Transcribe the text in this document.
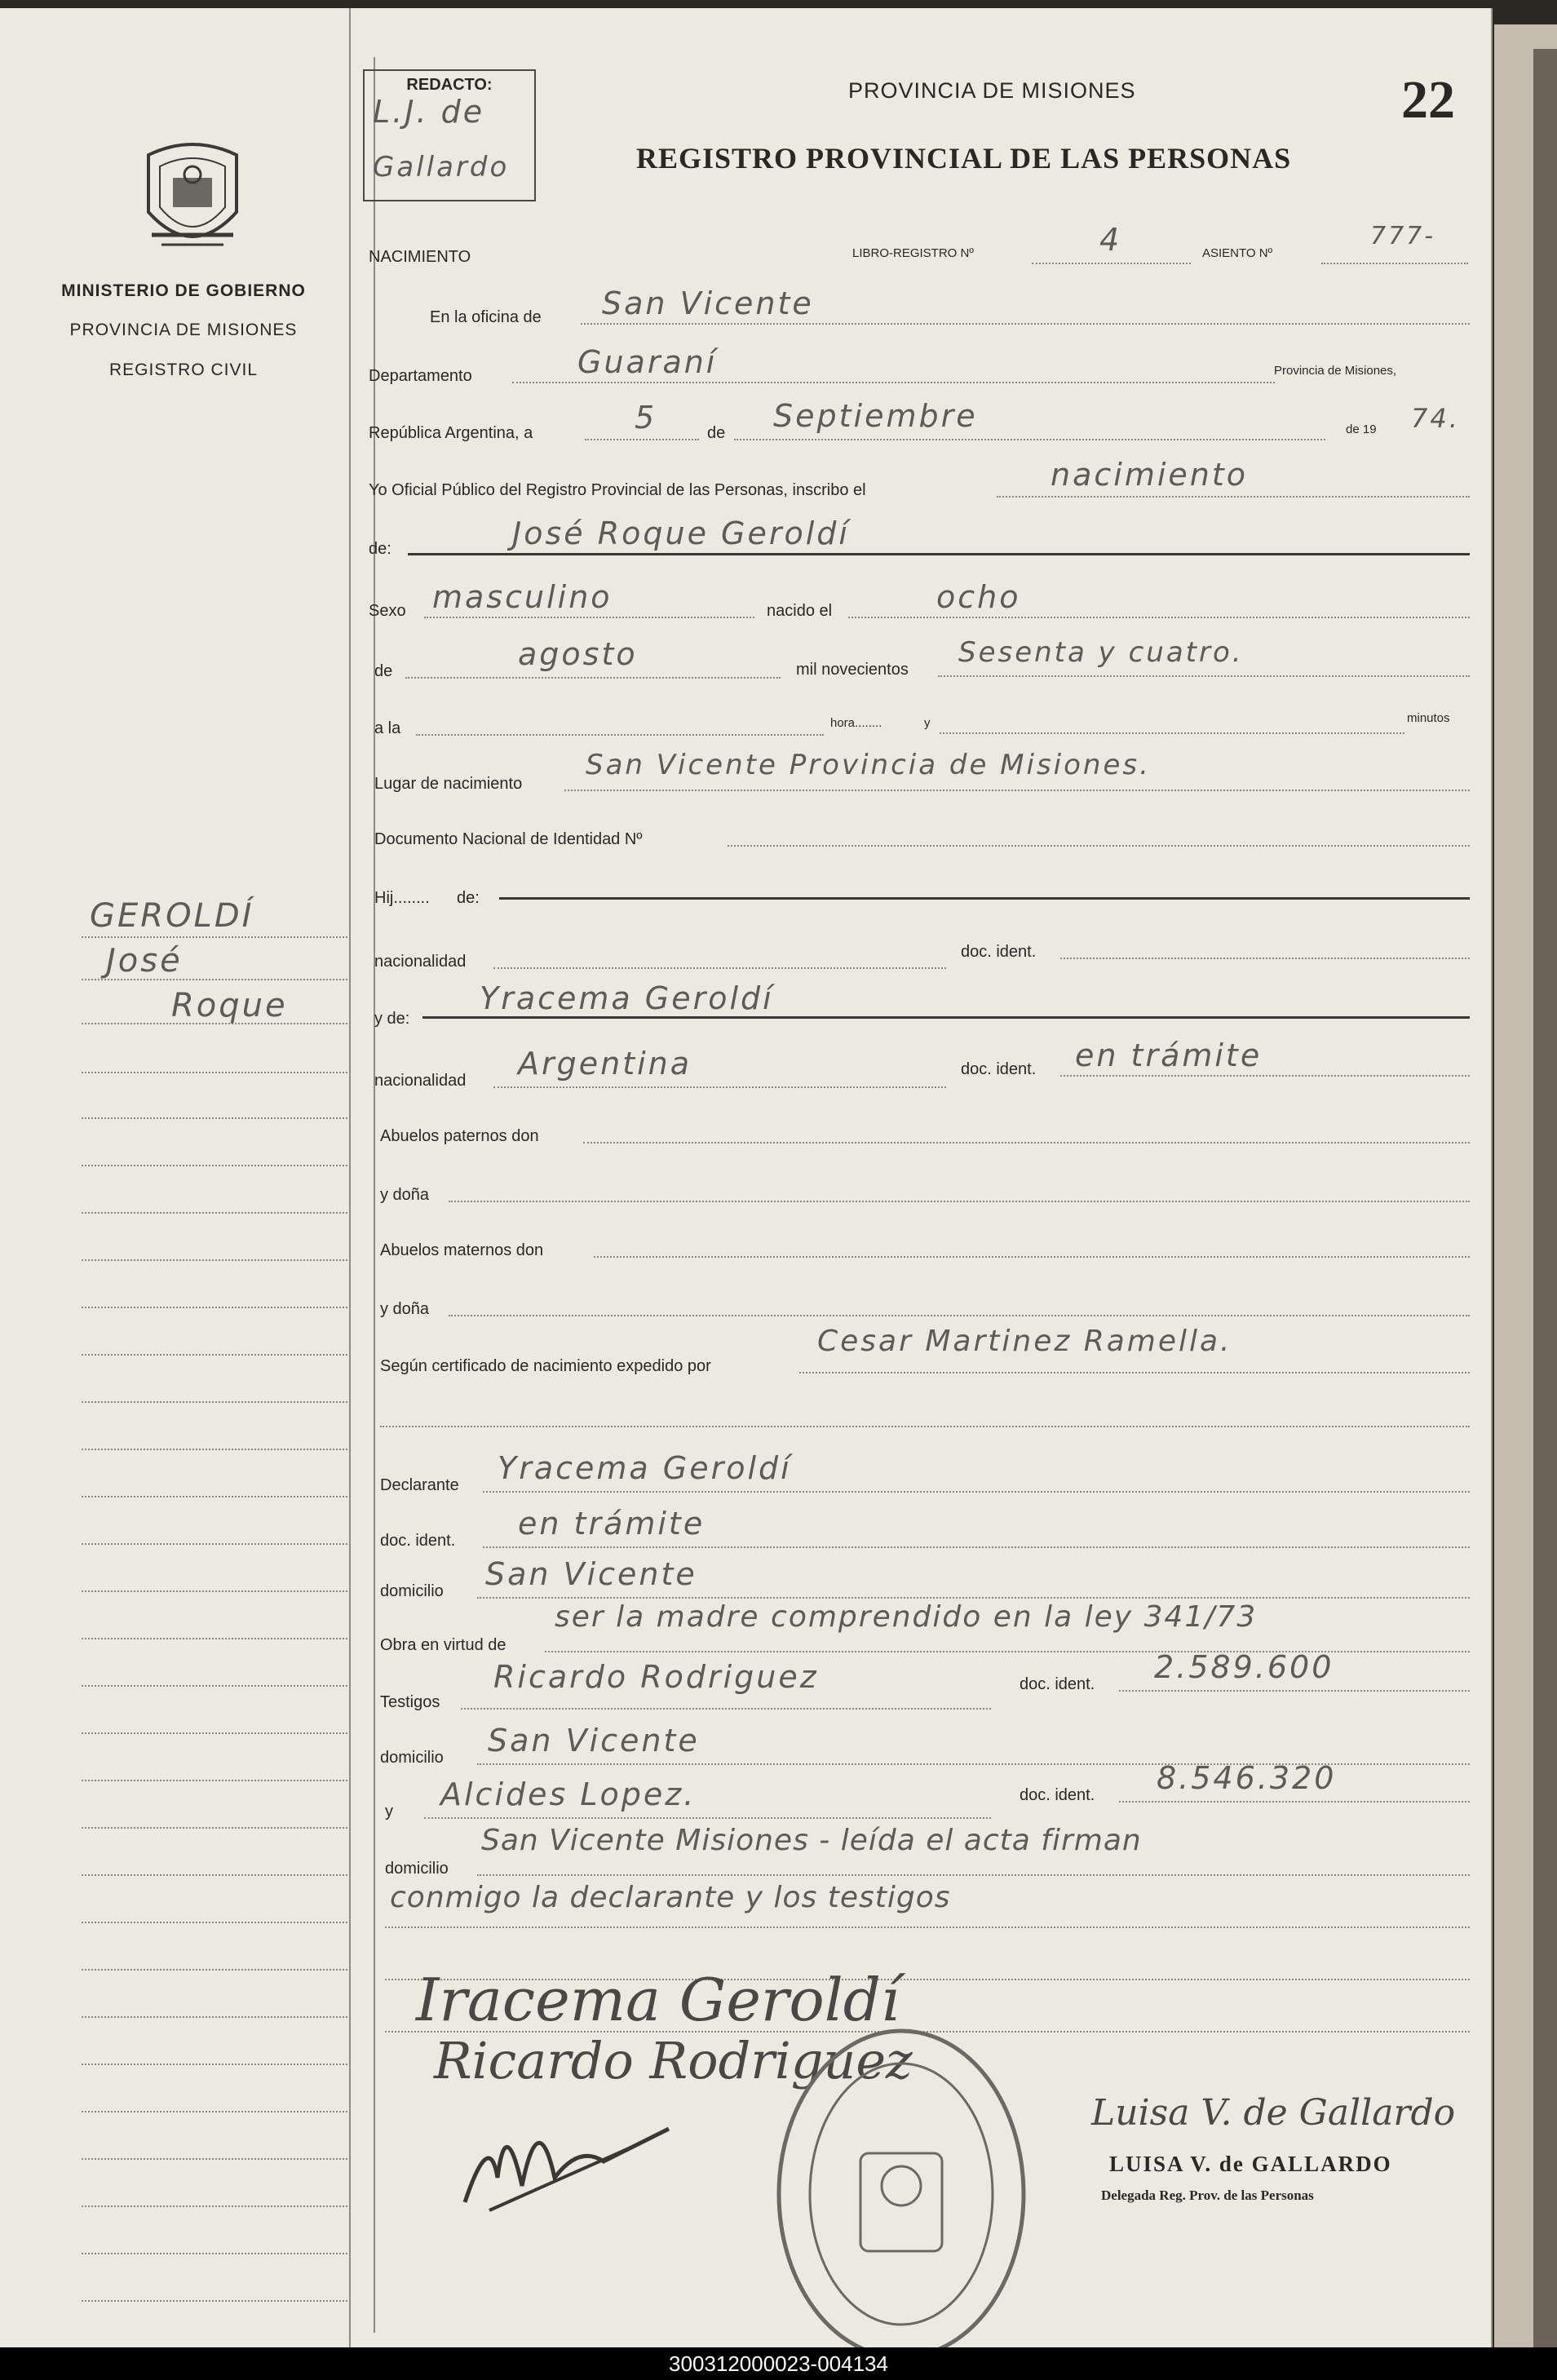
MINISTERIO DE GOBIERNO
PROVINCIA DE MISIONES
REGISTRO CIVIL
GEROLDÍ
José
Roque
REDACTO:
L.J. de
Gallardo
PROVINCIA DE MISIONES	22
REGISTRO PROVINCIAL DE LAS PERSONAS
NACIMIENTO	LIBRO-REGISTRO Nº	4	ASIENTO Nº
777-
En la oficina de San Vicente
Departamento	Guaraní	Provincia de Misiones,
República Argentina, a	5	de Septiembre	de 19 74.
Yo Oficial Público del Registro Provincial de las Personas, inscribo el	nacimiento
de:	José Roque Geroldí
Sexo masculino	nacido el	ocho
de	agosto	mil novecientos
Sesenta y cuatro.
a la	hora........	y	minutos
Lugar de nacimiento
San Vicente Provincia de Misiones.
Documento Nacional de Identidad Nº
Hij........ de:
nacionalidad
doc. ident.
y de:
Yracema Geroldí
nacionalidad Argentina	doc. ident. en trámite
Abuelos paternos don
y doña
Abuelos maternos don
y doña
Según certificado de nacimiento expedido por
Cesar Martinez Ramella.
Declarante Yracema Geroldí
doc. ident. en trámite
domicilio San Vicente
Obra en virtud de
ser la madre comprendido en la ley 341/73
Testigos
Ricardo Rodriguez	doc. ident. 2.589.600
domicilio San Vicente
y Alcides Lopez.	doc. ident. 8.546.320
domicilio
San Vicente Misiones - leída el acta firman
conmigo la declarante y los testigos
Iracema Geroldí
Ricardo Rodriguez
Luisa V. de Gallardo
LUISA V. de GALLARDO
Delegada Reg. Prov. de las Personas
300312000023-004134
